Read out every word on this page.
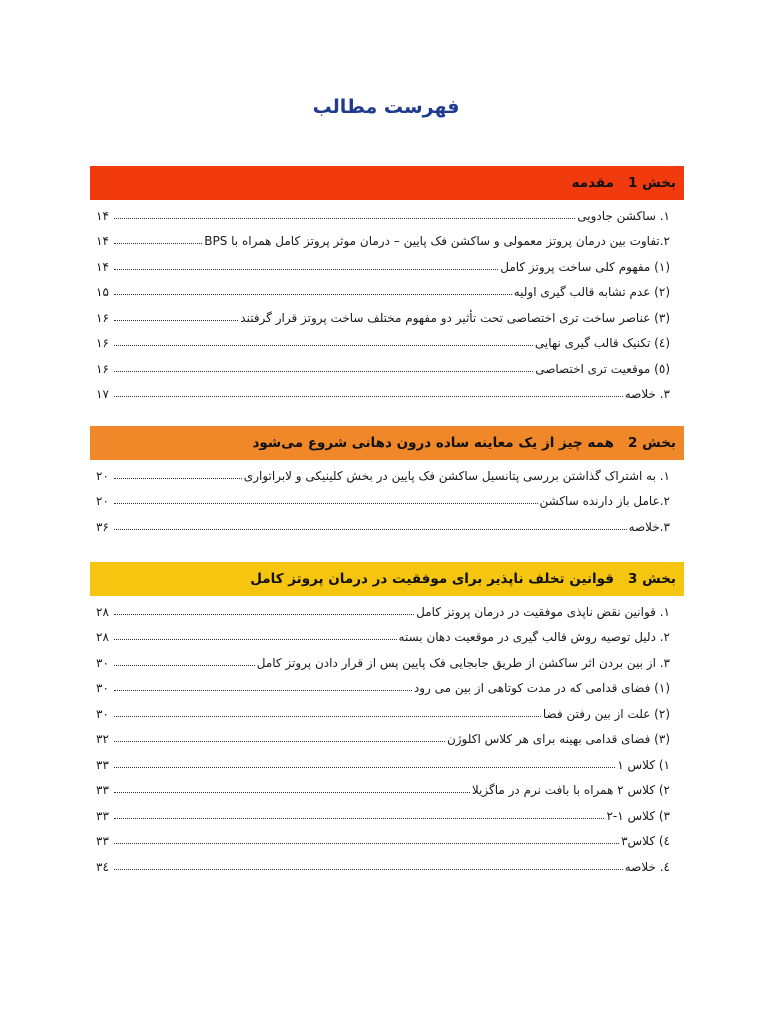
فهرست مطالب
بخش 1
مقدمه
۱. ساکشن جادویی
۱۴
۲.تفاوت بین درمان پروتز معمولی و ساکشن فک پایین – درمان موثر پروتز کامل همراه با BPS
۱۴
(۱) مفهوم کلی ساخت پروتز کامل
۱۴
(۲) عدم تشابه قالب گیری اولیه
۱۵
(۳) عناصر ساخت تری اختصاصی تحت تأثیر دو مفهوم مختلف ساخت پروتز قرار گرفتند
۱۶
(٤) تکنیک قالب گیری نهایی
۱۶
(٥) موقعیت تری اختصاصی
۱۶
۳. خلاصه
۱۷
بخش 2
همه چیز از یک معاینه ساده درون دهانی شروع می‌شود
۱. به اشتراک گذاشتن بررسی پتانسیل ساکشن فک پایین در بخش کلینیکی و لابراتواری
۲۰
۲.عامل باز دارنده ساکشن
۲۰
۳.خلاصه
۳۶
بخش 3
قوانین تخلف ناپذیر برای موفقیت در درمان پروتز کامل
۱. قوانین نقض ناپذی موفقیت در درمان پروتز کامل
۲۸
۲. دلیل توصیه روش قالب گیری در موقعیت دهان بسته
۲۸
۳. از بین بردن اثر ساکشن از طریق جابجایی فک پایین پس از قرار دادن پروتز کامل
۳۰
(۱) فضای قدامی که در مدت کوتاهی از بین می رود
۳۰
(۲) علت از بین رفتن فضا
۳۰
(۳) فضای قدامی بهینه برای هر کلاس اکلوژن
۳۲
۱) کلاس ۱
۳۳
۲) کلاس ۲ همراه با بافت نرم در ماگزیلا
۳۳
۳) کلاس ۱-۲
۳۳
٤) کلاس۳
۳۳
٤. خلاصه
۳٤
